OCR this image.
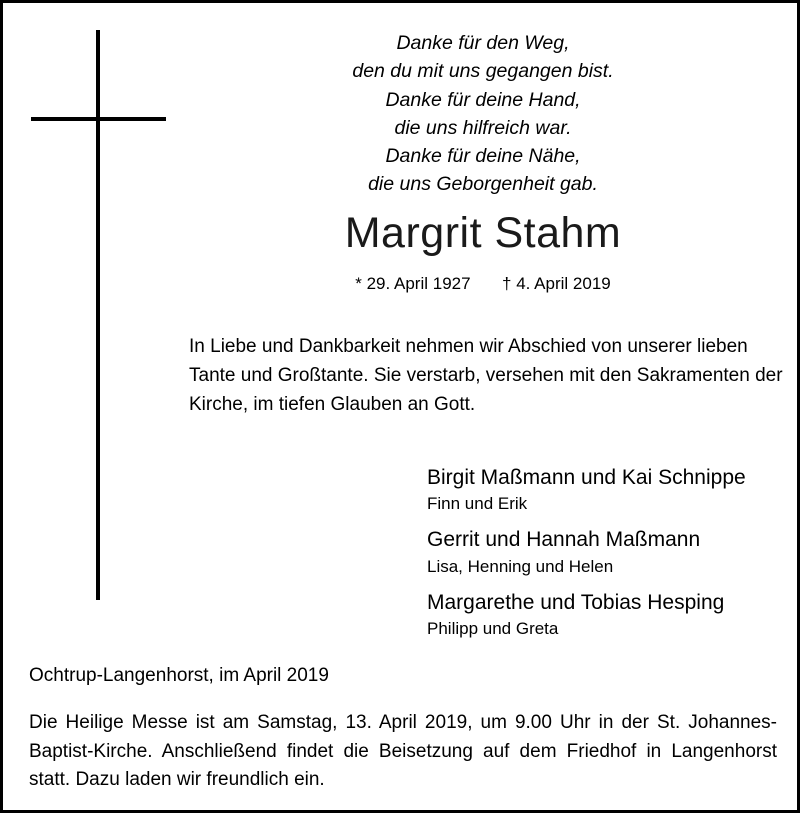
Danke für den Weg,
den du mit uns gegangen bist.
Danke für deine Hand,
die uns hilfreich war.
Danke für deine Nähe,
die uns Geborgenheit gab.
Margrit Stahm
* 29. April 1927 † 4. April 2019
In Liebe und Dankbarkeit nehmen wir Abschied von unserer lieben Tante und Großtante. Sie verstarb, versehen mit den Sakramenten der Kirche, im tiefen Glauben an Gott.
Birgit Maßmann und Kai Schnippe
Finn und Erik
Gerrit und Hannah Maßmann
Lisa, Henning und Helen
Margarethe und Tobias Hesping
Philipp und Greta
Ochtrup-Langenhorst, im April 2019
Die Heilige Messe ist am Samstag, 13. April 2019, um 9.00 Uhr in der St. Johannes-Baptist-Kirche. Anschließend findet die Beisetzung auf dem Friedhof in Langenhorst statt. Dazu laden wir freundlich ein.
